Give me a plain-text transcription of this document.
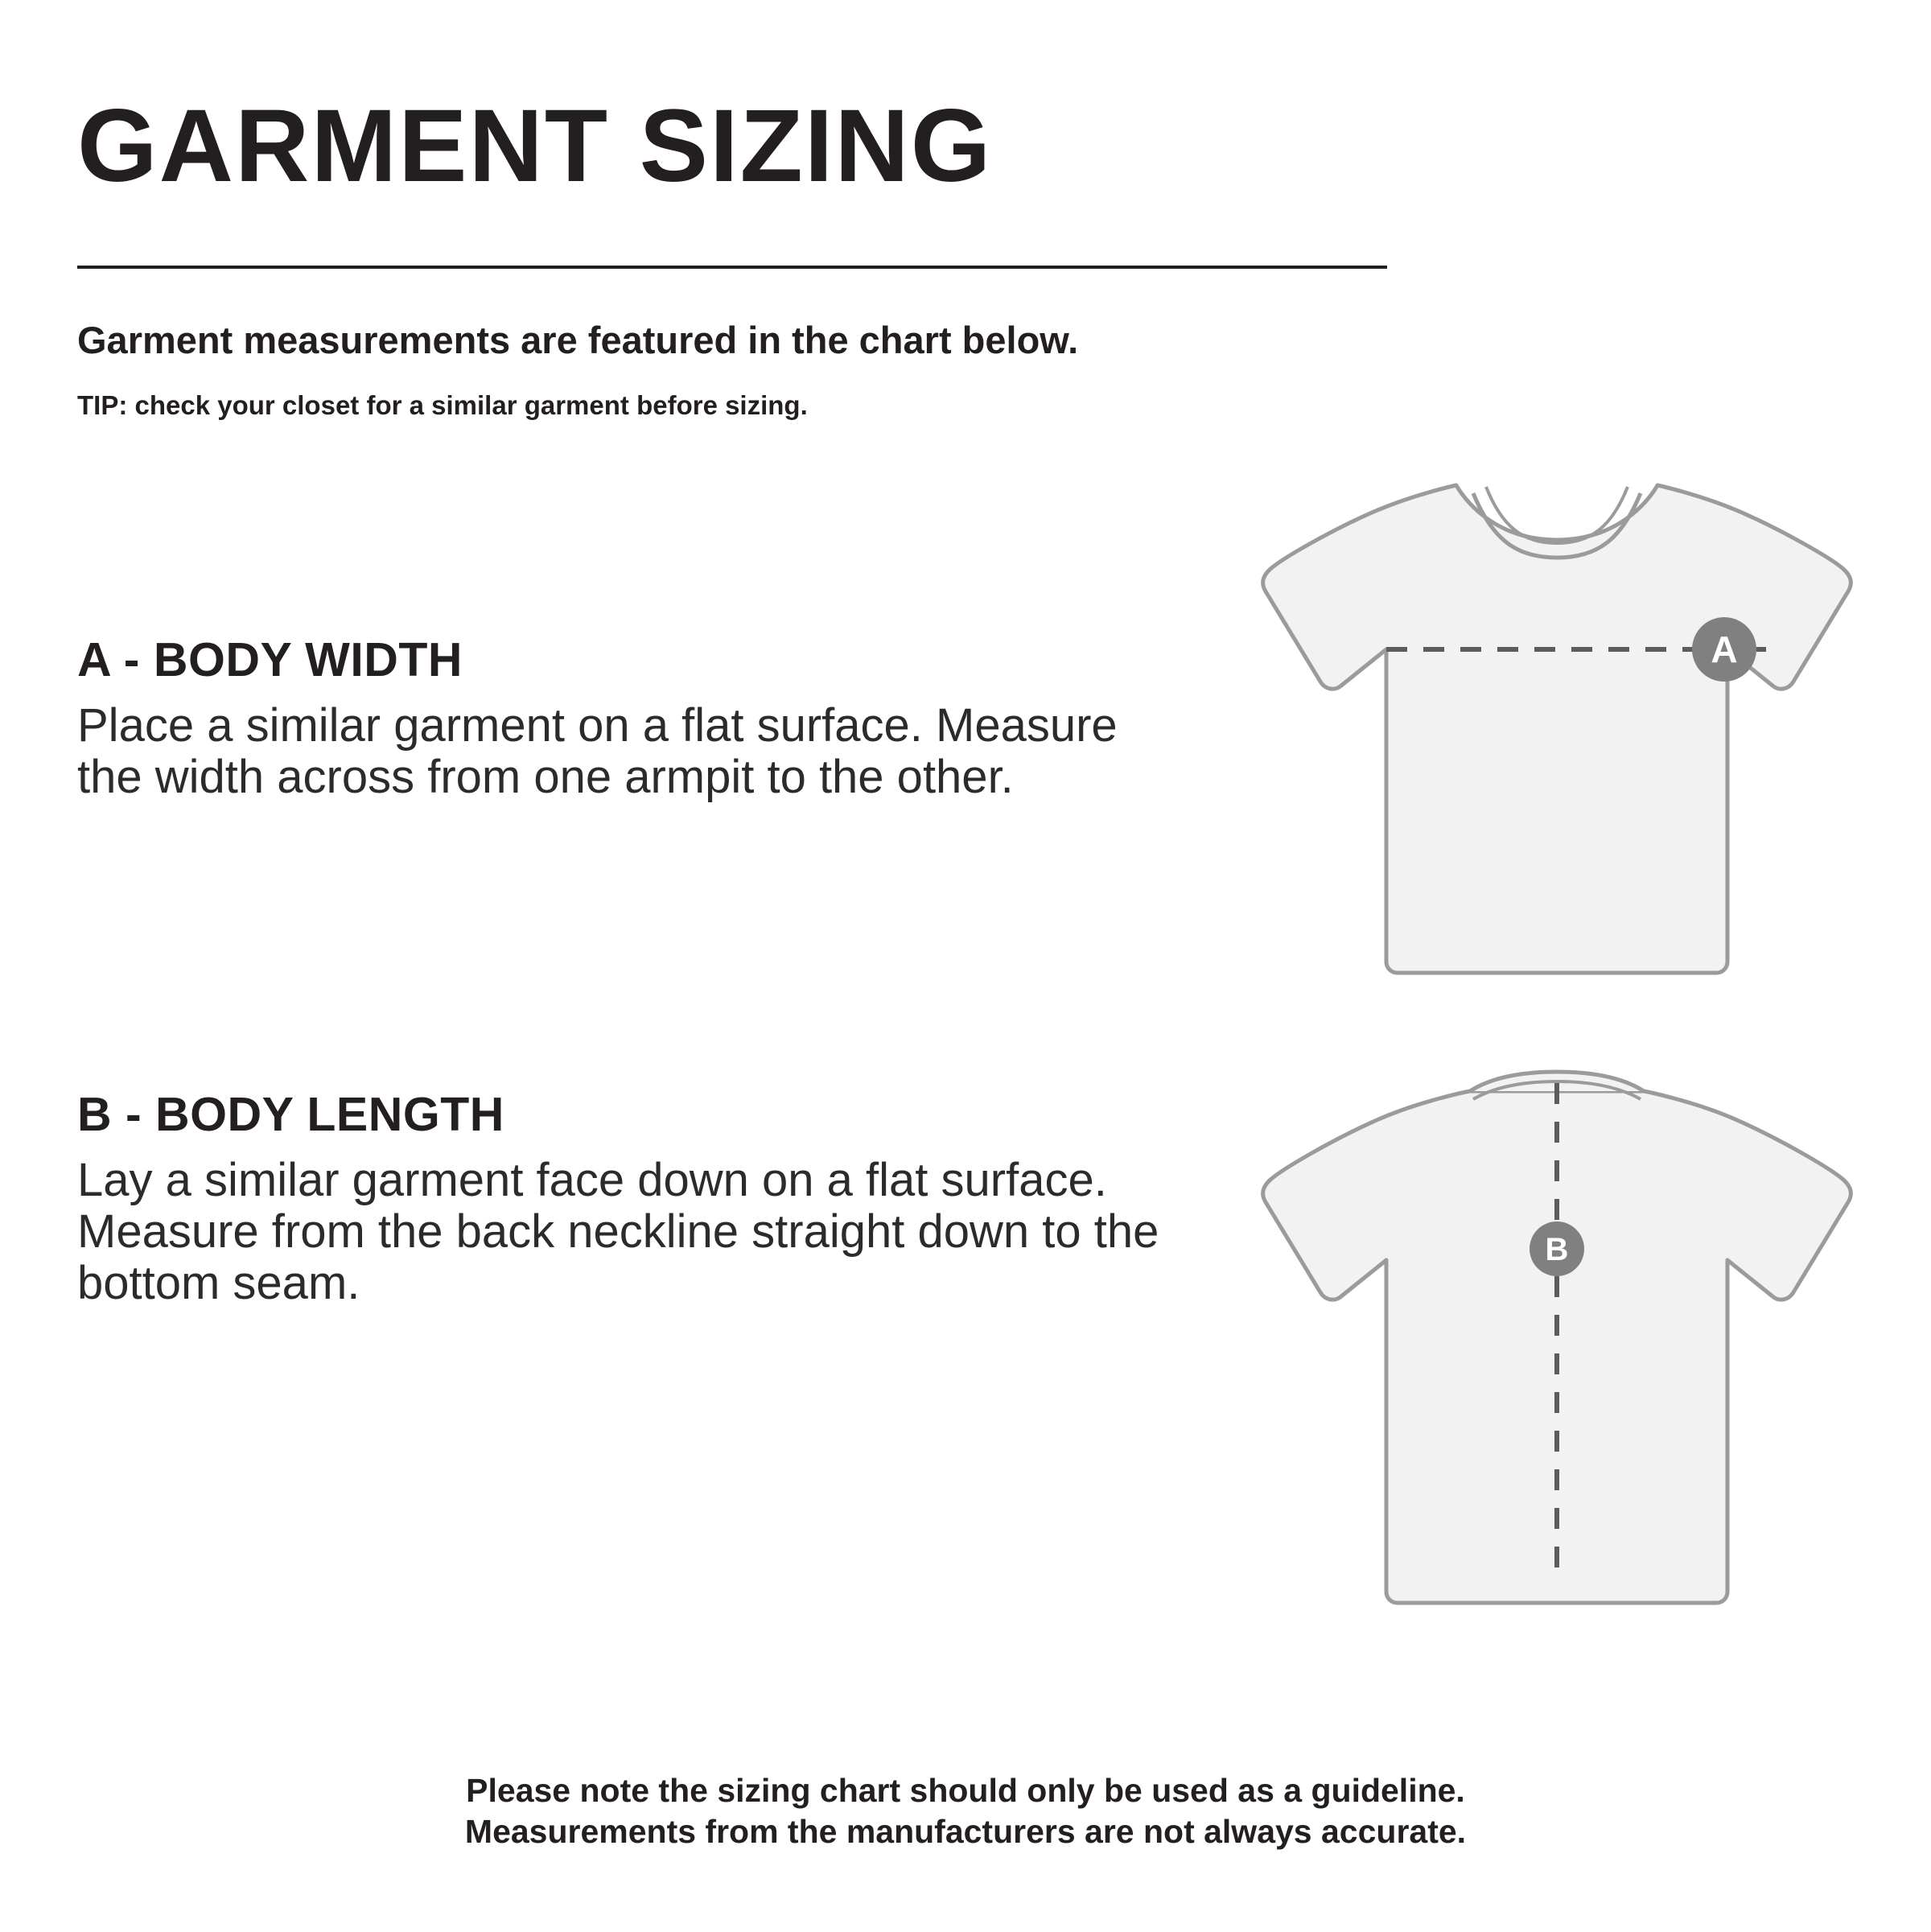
GARMENT SIZING
Garment measurements are featured in the chart below.
TIP: check your closet for a similar garment before sizing.
A - BODY WIDTH

Place a similar garment on a flat surface. Measure the width across from one armpit to the other.

B - BODY LENGTH

Lay a similar garment face down on a flat surface. Measure from the back neckline straight down to the bottom seam.

A
B
Please note the sizing chart should only be used as a guideline.
Measurements from the manufacturers are not always accurate.
